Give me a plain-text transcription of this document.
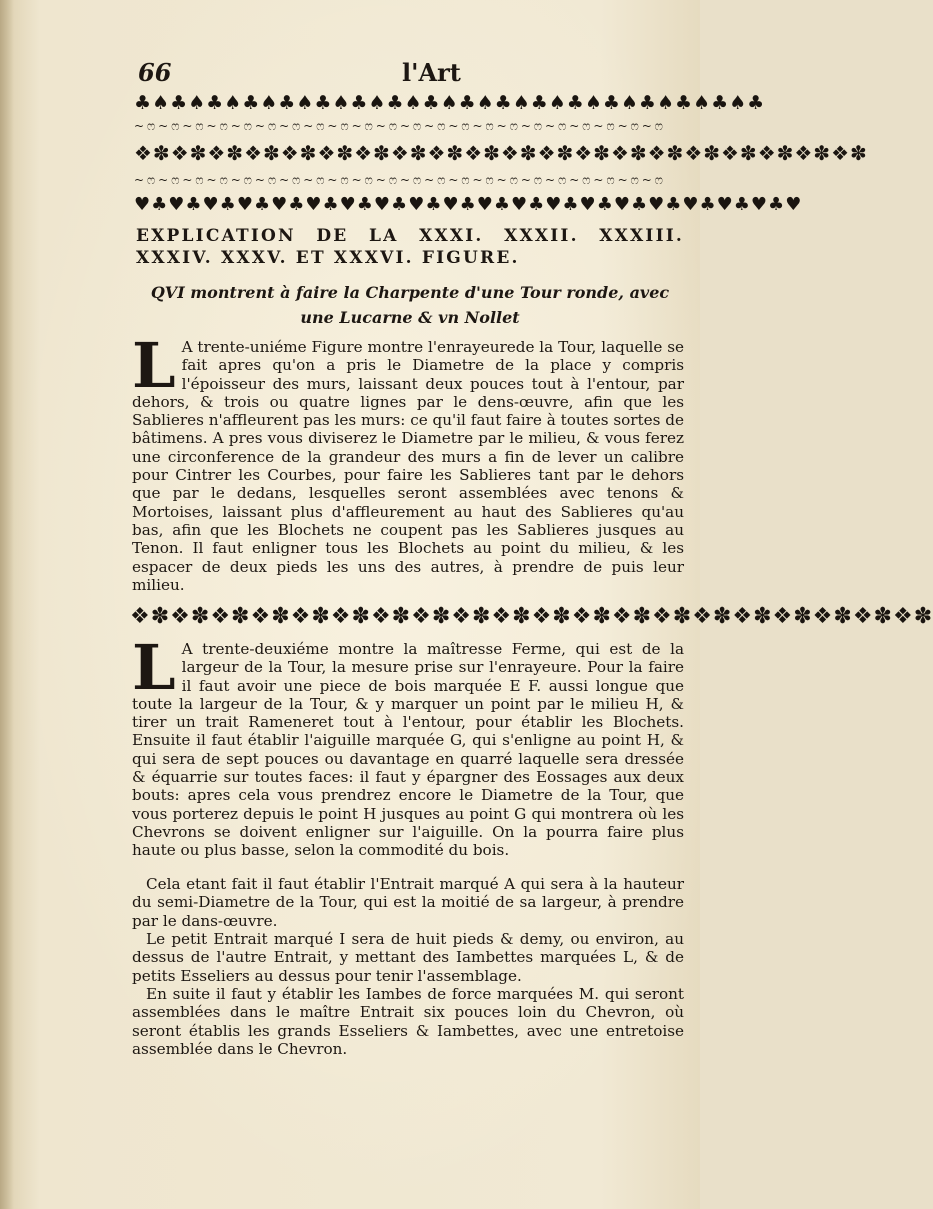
66	l'Art
♣♠♣♠♣♠♣♠♣♠♣♠♣♠♣♠♣♠♣♠♣♠♣♠♣♠♣♠♣♠♣♠♣♠♣
~ෆ~ෆ~ෆ~ෆ~ෆ~ෆ~ෆ~ෆ~ෆ~ෆ~ෆ~ෆ~ෆ~ෆ~ෆ~ෆ~ෆ~ෆ~ෆ~ෆ~ෆ~ෆ
❖✽❖✽❖✽❖✽❖✽❖✽❖✽❖✽❖✽❖✽❖✽❖✽❖✽❖✽❖✽❖✽❖✽❖✽❖✽❖✽
~ෆ~ෆ~ෆ~ෆ~ෆ~ෆ~ෆ~ෆ~ෆ~ෆ~ෆ~ෆ~ෆ~ෆ~ෆ~ෆ~ෆ~ෆ~ෆ~ෆ~ෆ~ෆ
♥♣♥♣♥♣♥♣♥♣♥♣♥♣♥♣♥♣♥♣♥♣♥♣♥♣♥♣♥♣♥♣♥♣♥♣♥♣♥

EXPLICATION DE LA XXXI. XXXII. XXXIII. XXXIV. XXXV. ET XXXVI. FIGURE.

QVI montrent à faire la Charpente d'une Tour ronde, avec une Lucarne & vn Nollet

L A trente-uniéme Figure montre l'enrayeurede la Tour, laquelle se fait apres qu'on a pris le Diametre de la place y compris l'époisseur des murs, laissant deux pouces tout à l'entour, par dehors, & trois ou quatre lignes par le dens-œuvre, afin que les Sablieres n'affleurent pas les murs: ce qu'il faut faire à toutes sortes de bâtimens. A pres vous diviserez le Diametre par le milieu, & vous ferez une circonference de la grandeur des murs a fin de lever un calibre pour Cintrer les Courbes, pour faire les Sablieres tant par le dehors que par le dedans, lesquelles seront assemblées avec tenons & Mortoises, laissant plus d'affleurement au haut des Sablieres qu'au bas, afin que les Blochets ne coupent pas les Sablieres jusques au Tenon. Il faut enligner tous les Blochets au point du milieu, & les espacer de deux pieds les uns des autres, à prendre de puis leur milieu.

❖✽❖✽❖✽❖✽❖✽❖✽❖✽❖✽❖✽❖✽❖✽❖✽❖✽❖✽❖✽❖✽❖✽❖✽❖✽❖✽

L A trente-deuxiéme montre la maîtresse Ferme, qui est de la largeur de la Tour, la mesure prise sur l'enrayeure. Pour la faire il faut avoir une piece de bois marquée E F. aussi longue que toute la largeur de la Tour, & y marquer un point par le milieu H, & tirer un trait Rameneret tout à l'entour, pour établir les Blochets. Ensuite il faut établir l'aiguille marquée G, qui s'enligne au point H, & qui sera de sept pouces ou davantage en quarré laquelle sera dressée & équarrie sur toutes faces: il faut y épargner des Eossages aux deux bouts: apres cela vous prendrez encore le Diametre de la Tour, que vous porterez depuis le point H jusques au point G qui montrera où les Chevrons se doivent enligner sur l'aiguille. On la pourra faire plus haute ou plus basse, selon la commodité du bois.

Cela etant fait il faut établir l'Entrait marqué A qui sera à la hauteur du semi-Diametre de la Tour, qui est la moitié de sa largeur, à prendre par le dans-œuvre.

Le petit Entrait marqué I sera de huit pieds & demy, ou environ, au dessus de l'autre Entrait, y mettant des Iambettes marquées L, & de petits Esseliers au dessus pour tenir l'assemblage.

En suite il faut y établir les Iambes de force marquées M. qui seront assemblées dans le maître Entrait six pouces loin du Chevron, où seront établis les grands Esseliers & Iambettes, avec une entretoise assemblée dans le Chevron.
